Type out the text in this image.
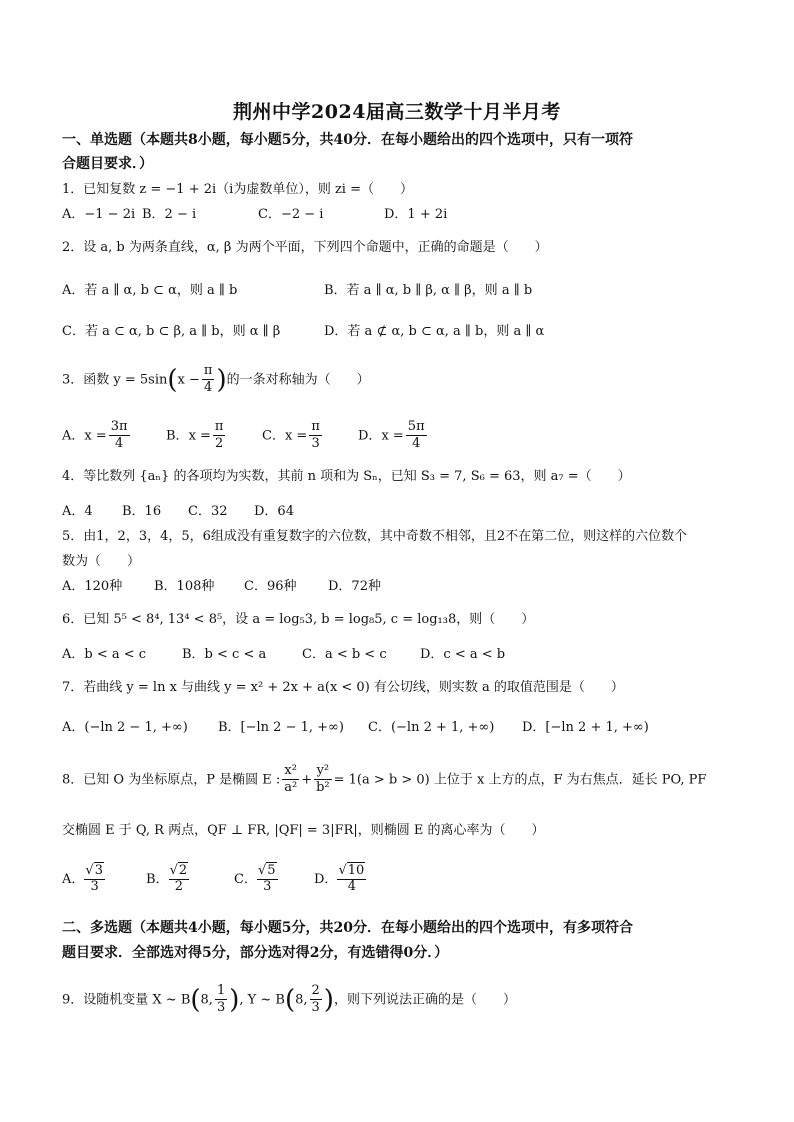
荆州中学2024届高三数学十月半月考
一、单选题（本题共8小题，每小题5分，共40分．在每小题给出的四个选项中，只有一项符
合题目要求．）
1．已知复数 z = −1 + 2i（i为虚数单位），则 zi =（　　）
A．−1 − 2i B．2 − i	C．−2 − i	D．1 + 2i
2．设 a, b 为两条直线，α, β 为两个平面，下列四个命题中，正确的命题是（　　）
A．若 a ∥ α, b ⊂ α，则 a ∥ b	B．若 a ∥ α, b ∥ β, α ∥ β，则 a ∥ b
C．若 a ⊂ α, b ⊂ β, a ∥ b，则 α ∥ β	D．若 a ⊄ α, b ⊂ α, a ∥ b，则 a ∥ α
3．函数 $y = 5\sin(x - \frac{\pi}{4}$ )的一条对称轴为（　　）
A．$x = \frac{3\pi}{4}$	B．$x = \frac{\pi}{2}$	C．$x = \frac{\pi}{3}$	D．$x = \frac{5\pi}{4}$
4．等比数列 {aₙ} 的各项均为实数，其前 n 项和为 Sₙ，已知 S₃ = 7, S₆ = 63，则 a₇ =（　　）
A．4 B．16 C．32 D．64
5．由1，2，3，4，5，6组成没有重复数字的六位数，其中奇数不相邻，且2不在第二位，则这样的六位数个
数为（　　）
A．120种 B．108种 C．96种 D．72种
6．已知 5⁵ < 8⁴, 13⁴ < 8⁵，设 a = log₅3, b = log₈5, c = log₁₃8，则（　　）
A．b < a < c	B．b < c < a	C．a < b < c	D．c < a < b
7．若曲线 y = ln x 与曲线 y = x² + 2x + a(x < 0) 有公切线，则实数 a 的取值范围是（　　）
A．(−ln 2 − 1, +∞) B．[−ln 2 − 1, +∞) C．(−ln 2 + 1, +∞) D．[−ln 2 + 1, +∞)
8．已知 O 为坐标原点，P 是椭圆 E : $\frac{\text{x²}}{\text{a²}} + \frac{\text{y²}}{\text{b²}} = 1(a > b > 0)$ 上位于 x 上方的点，F 为右焦点．延长 PO, PF
交椭圆 E 于 Q, R 两点，QF ⊥ FR, |QF| = 3|FR|，则椭圆 E 的离心率为（　　）
A． $\frac{√3}{3}$	B． $\frac{√2}{2}$	C． $\frac{√5}{3}$	D． $\frac{√10}{4}$
二、多选题（本题共4小题，每小题5分，共20分．在每小题给出的四个选项中，有多项符合
题目要求．全部选对得5分，部分选对得2分，有选错得0分．）
9．设随机变量 X ~ B(8, $\frac{1}{3}$ ), Y ~ B(8, $\frac{2}{3}$ )，则下列说法正确的是（　　）
